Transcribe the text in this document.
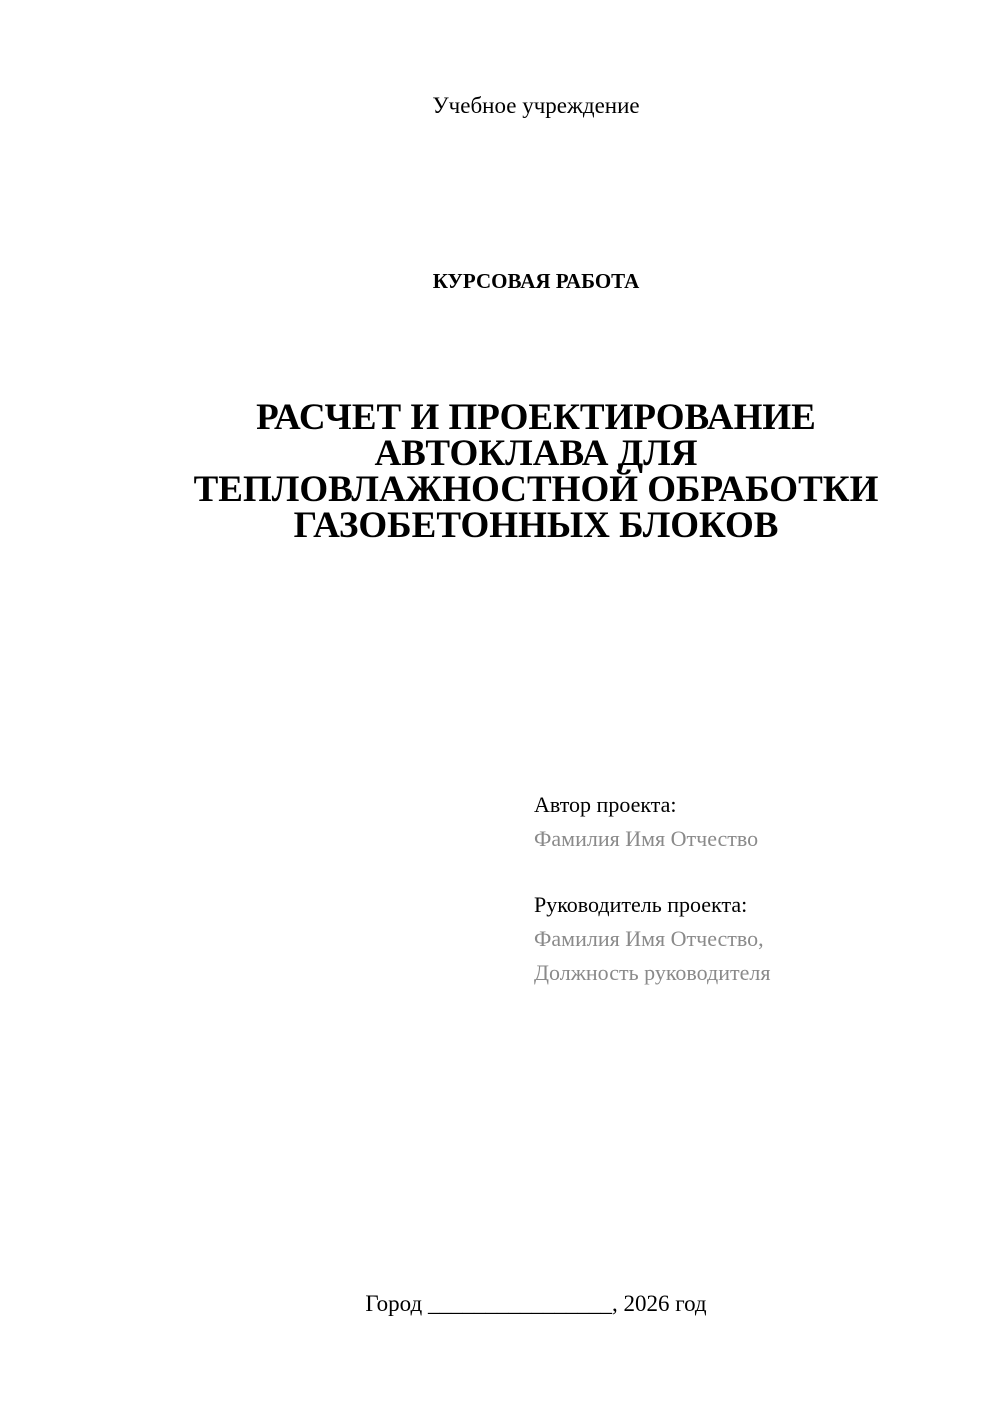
Учебное учреждение
КУРСОВАЯ РАБОТА
РАСЧЕТ И ПРОЕКТИРОВАНИЕ
АВТОКЛАВА ДЛЯ
ТЕПЛОВЛАЖНОСТНОЙ ОБРАБОТКИ
ГАЗОБЕТОННЫХ БЛОКОВ
Автор проекта:
Фамилия Имя Отчество
Руководитель проекта:
Фамилия Имя Отчество,
Должность руководителя
Город ________________, 2026 год
